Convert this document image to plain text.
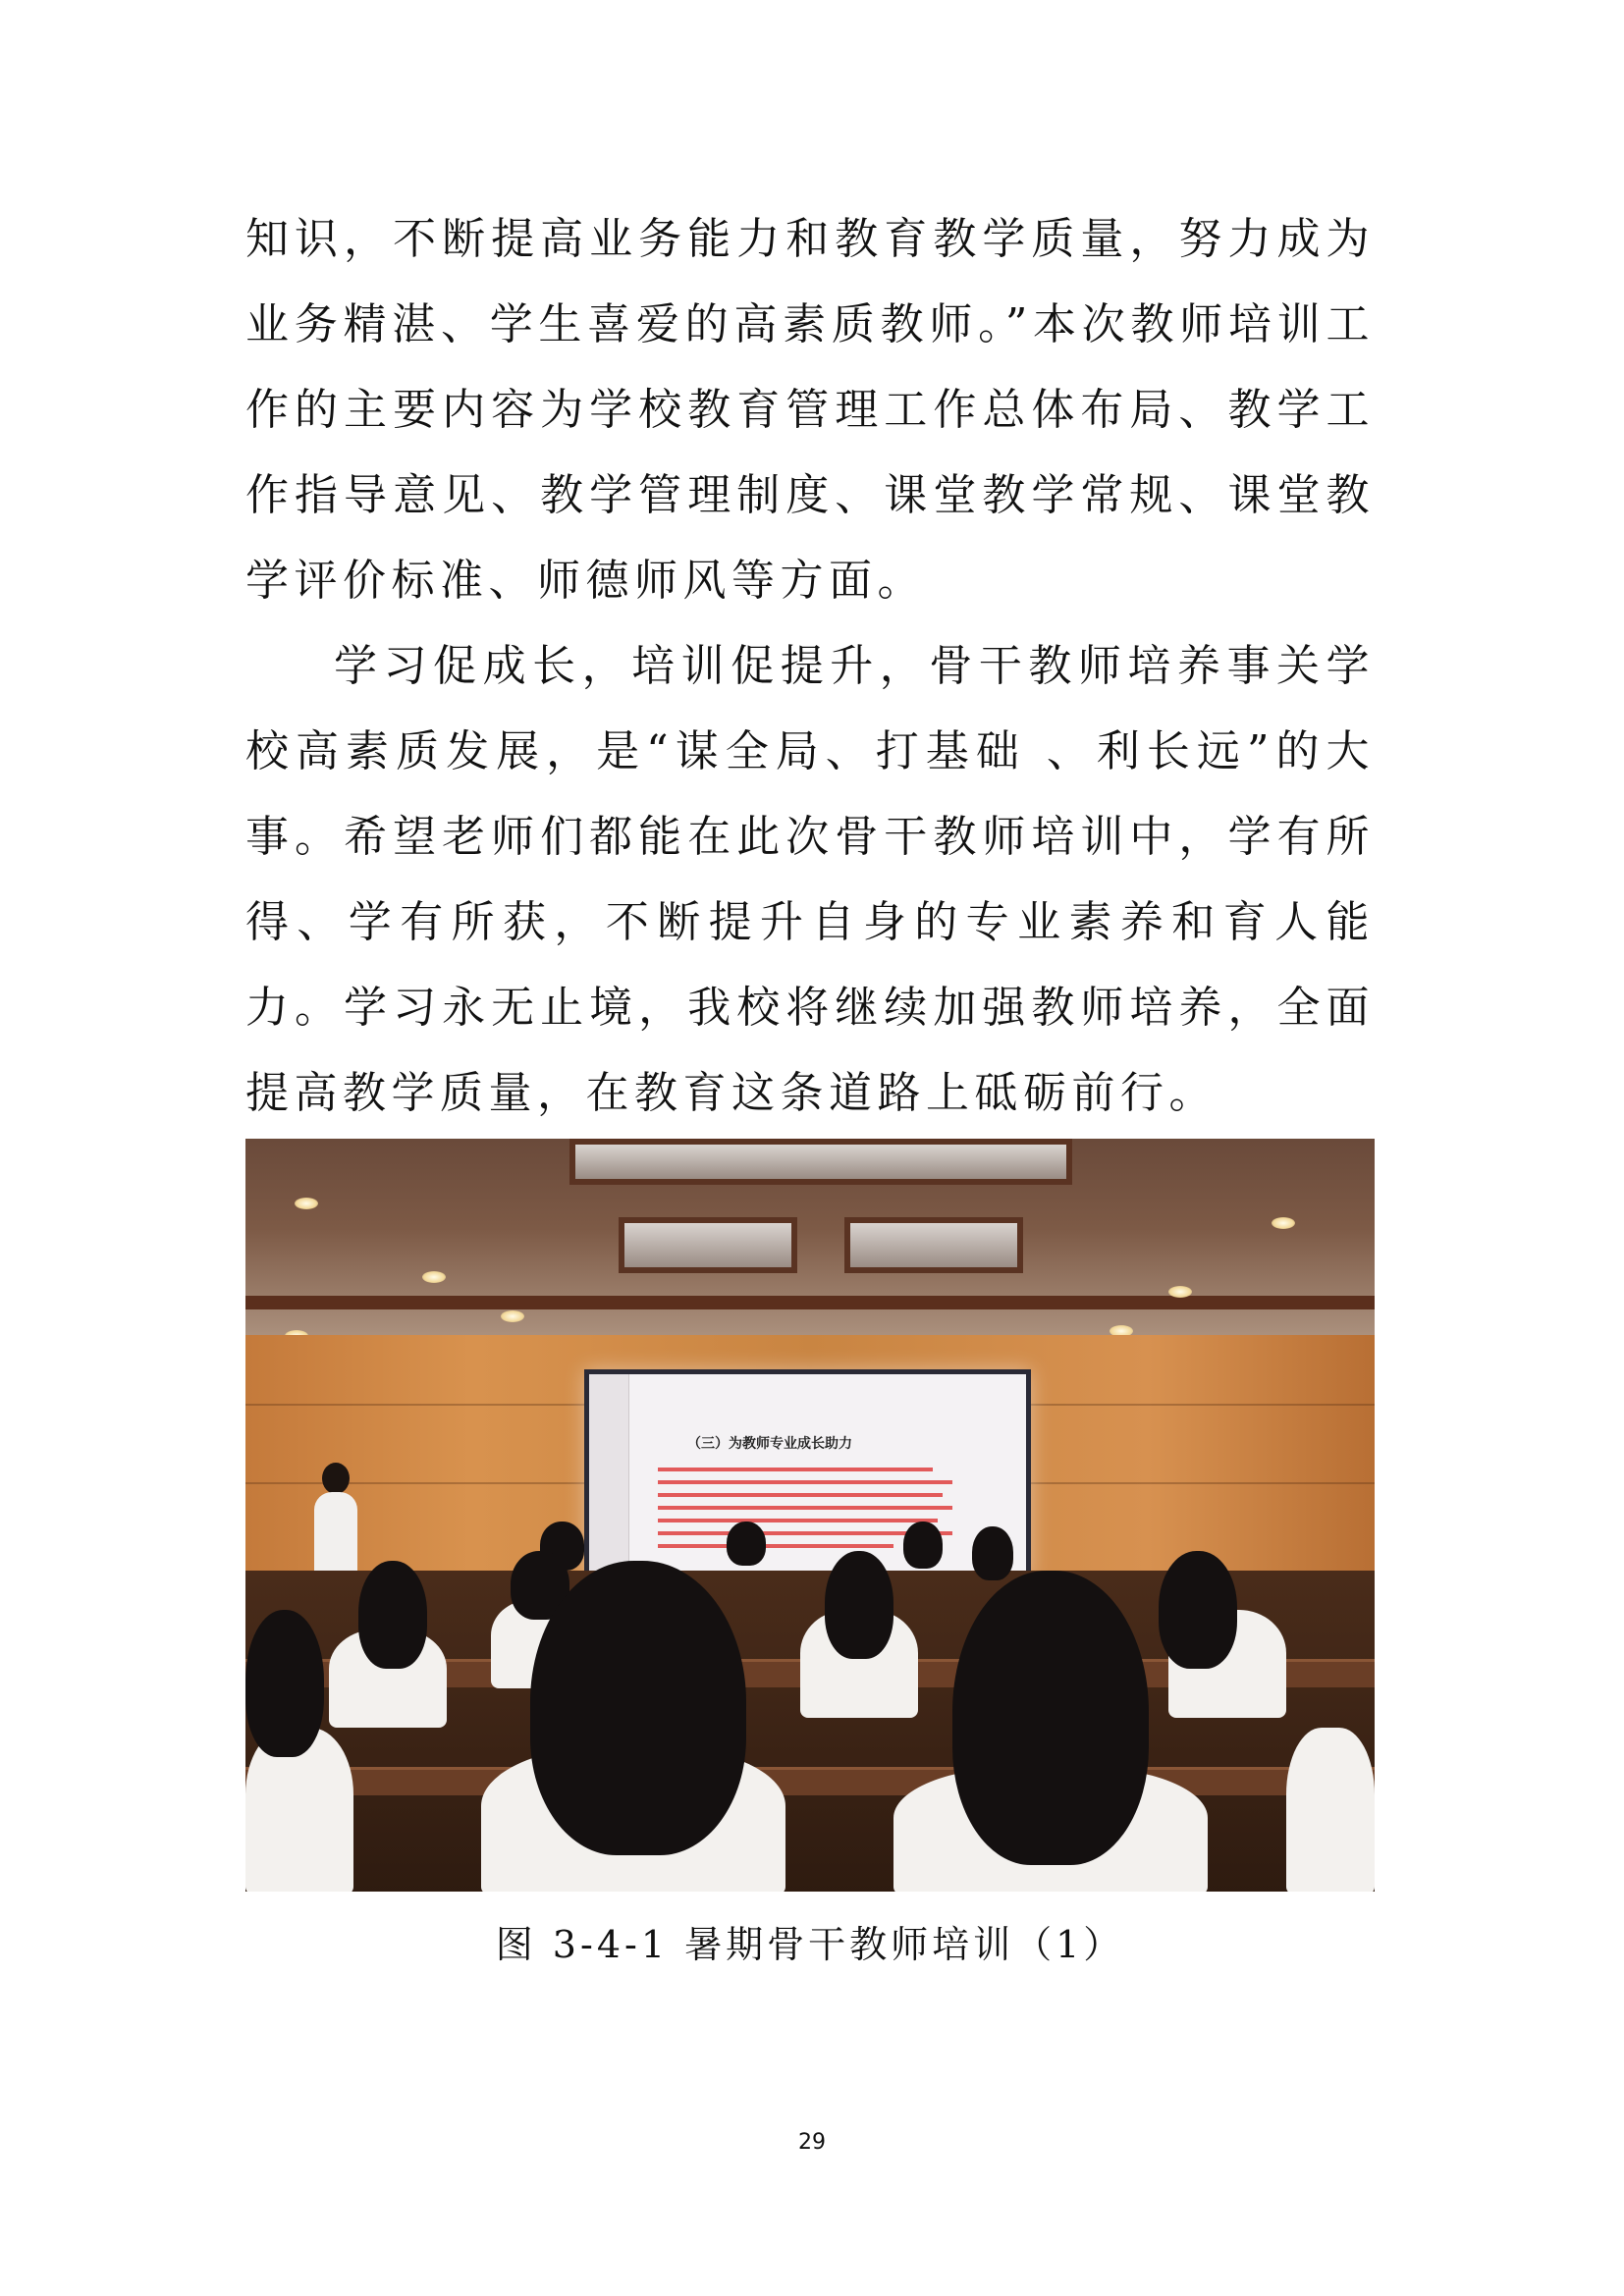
知识，不断提高业务能力和教育教学质量，努力成为业务精湛、学生喜爱的高素质教师。”本次教师培训工作的主要内容为学校教育管理工作总体布局、教学工作指导意见、教学管理制度、课堂教学常规、课堂教学评价标准、师德师风等方面。

学习促成长，培训促提升，骨干教师培养事关学校高素质发展，是“谋全局、打基础 、利长远”的大事。希望老师们都能在此次骨干教师培训中，学有所得、学有所获，不断提升自身的专业素养和育人能力。学习永无止境，我校将继续加强教师培养，全面提高教学质量，在教育这条道路上砥砺前行。

（三）为教师专业成长助力

图 3-4-1 暑期骨干教师培训（1）

29
